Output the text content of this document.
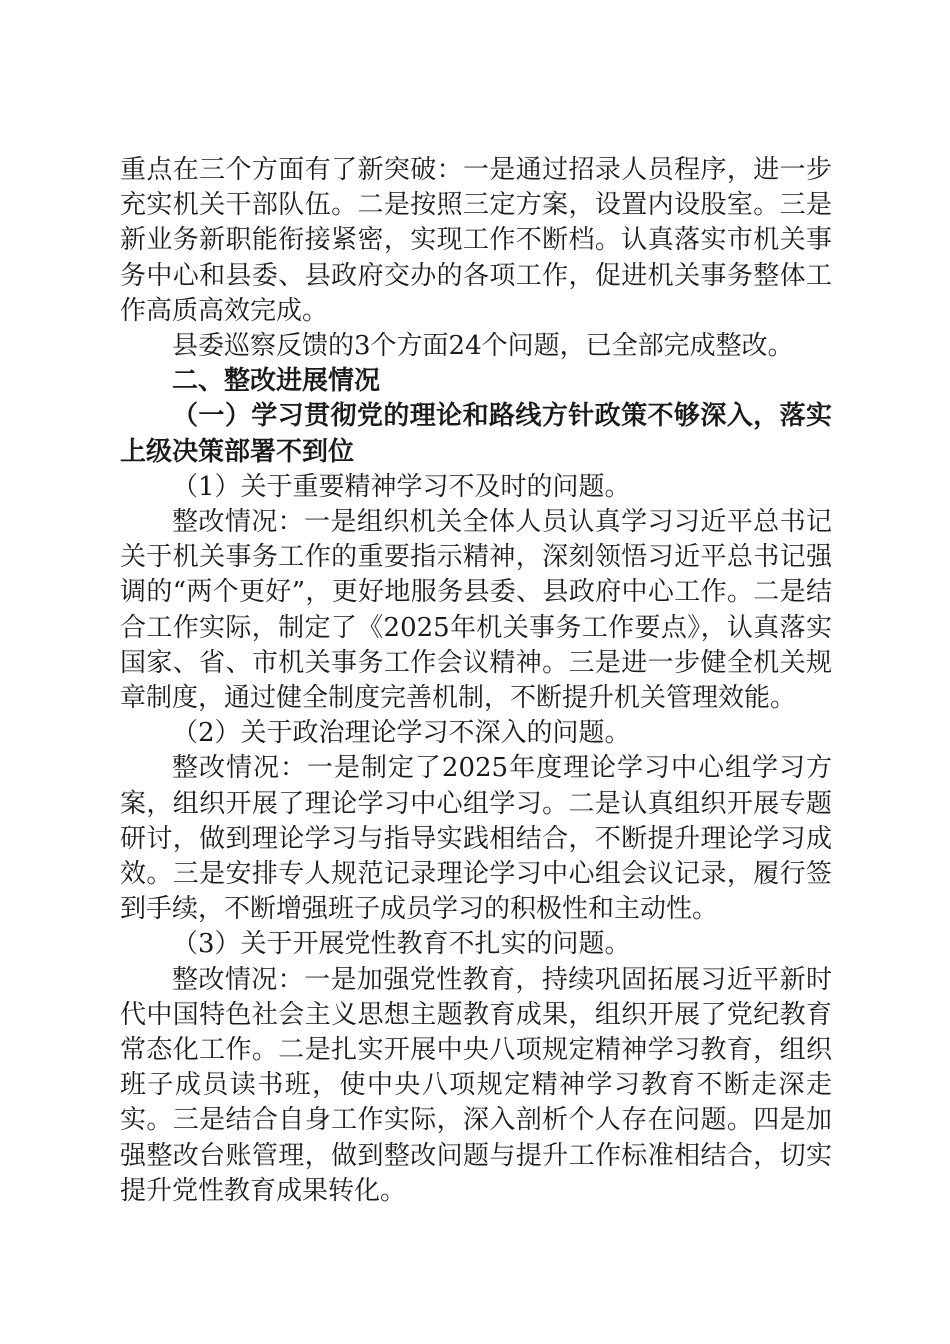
重点在三个方面有了新突破：一是通过招录人员程序，进一步充实机关干部队伍。二是按照三定方案，设置内设股室。三是新业务新职能衔接紧密，实现工作不断档。认真落实市机关事务中心和县委、县政府交办的各项工作，促进机关事务整体工作高质高效完成。

县委巡察反馈的3个方面24个问题，已全部完成整改。

二、整改进展情况

（一）学习贯彻党的理论和路线方针政策不够深入，落实上级决策部署不到位

（1）关于重要精神学习不及时的问题。

整改情况：一是组织机关全体人员认真学习习近平总书记关于机关事务工作的重要指示精神，深刻领悟习近平总书记强调的“两个更好”，更好地服务县委、县政府中心工作。二是结合工作实际，制定了《2025年机关事务工作要点》，认真落实国家、省、市机关事务工作会议精神。三是进一步健全机关规章制度，通过健全制度完善机制，不断提升机关管理效能。

（2）关于政治理论学习不深入的问题。

整改情况：一是制定了2025年度理论学习中心组学习方案，组织开展了理论学习中心组学习。二是认真组织开展专题研讨，做到理论学习与指导实践相结合，不断提升理论学习成效。三是安排专人规范记录理论学习中心组会议记录，履行签到手续，不断增强班子成员学习的积极性和主动性。

（3）关于开展党性教育不扎实的问题。

整改情况：一是加强党性教育，持续巩固拓展习近平新时代中国特色社会主义思想主题教育成果，组织开展了党纪教育常态化工作。二是扎实开展中央八项规定精神学习教育，组织班子成员读书班，使中央八项规定精神学习教育不断走深走实。三是结合自身工作实际，深入剖析个人存在问题。四是加强整改台账管理，做到整改问题与提升工作标准相结合，切实提升党性教育成果转化。
